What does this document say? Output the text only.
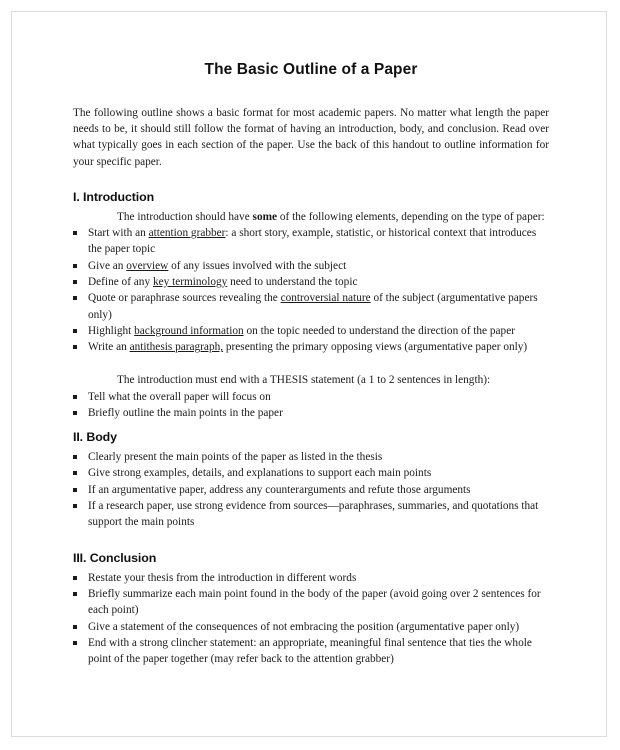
The Basic Outline of a Paper

The following outline shows a basic format for most academic papers. No matter what length the paper needs to be, it should still follow the format of having an introduction, body, and conclusion. Read over what typically goes in each section of the paper. Use the back of this handout to outline information for your specific paper.

I. Introduction

The introduction should have some of the following elements, depending on the type of paper:

Start with an attention grabber: a short story, example, statistic, or historical context that introduces the paper topic
Give an overview of any issues involved with the subject
Define of any key terminology need to understand the topic
Quote or paraphrase sources revealing the controversial nature of the subject (argumentative papers only)
Highlight background information on the topic needed to understand the direction of the paper
Write an antithesis paragraph, presenting the primary opposing views (argumentative paper only)

The introduction must end with a THESIS statement (a 1 to 2 sentences in length):

Tell what the overall paper will focus on
Briefly outline the main points in the paper
II. Body
Clearly present the main points of the paper as listed in the thesis
Give strong examples, details, and explanations to support each main points
If an argumentative paper, address any counterarguments and refute those arguments
If a research paper, use strong evidence from sources—paraphrases, summaries, and quotations that support the main points
III. Conclusion
Restate your thesis from the introduction in different words
Briefly summarize each main point found in the body of the paper (avoid going over 2 sentences for each point)
Give a statement of the consequences of not embracing the position (argumentative paper only)
End with a strong clincher statement: an appropriate, meaningful final sentence that ties the whole point of the paper together (may refer back to the attention grabber)
